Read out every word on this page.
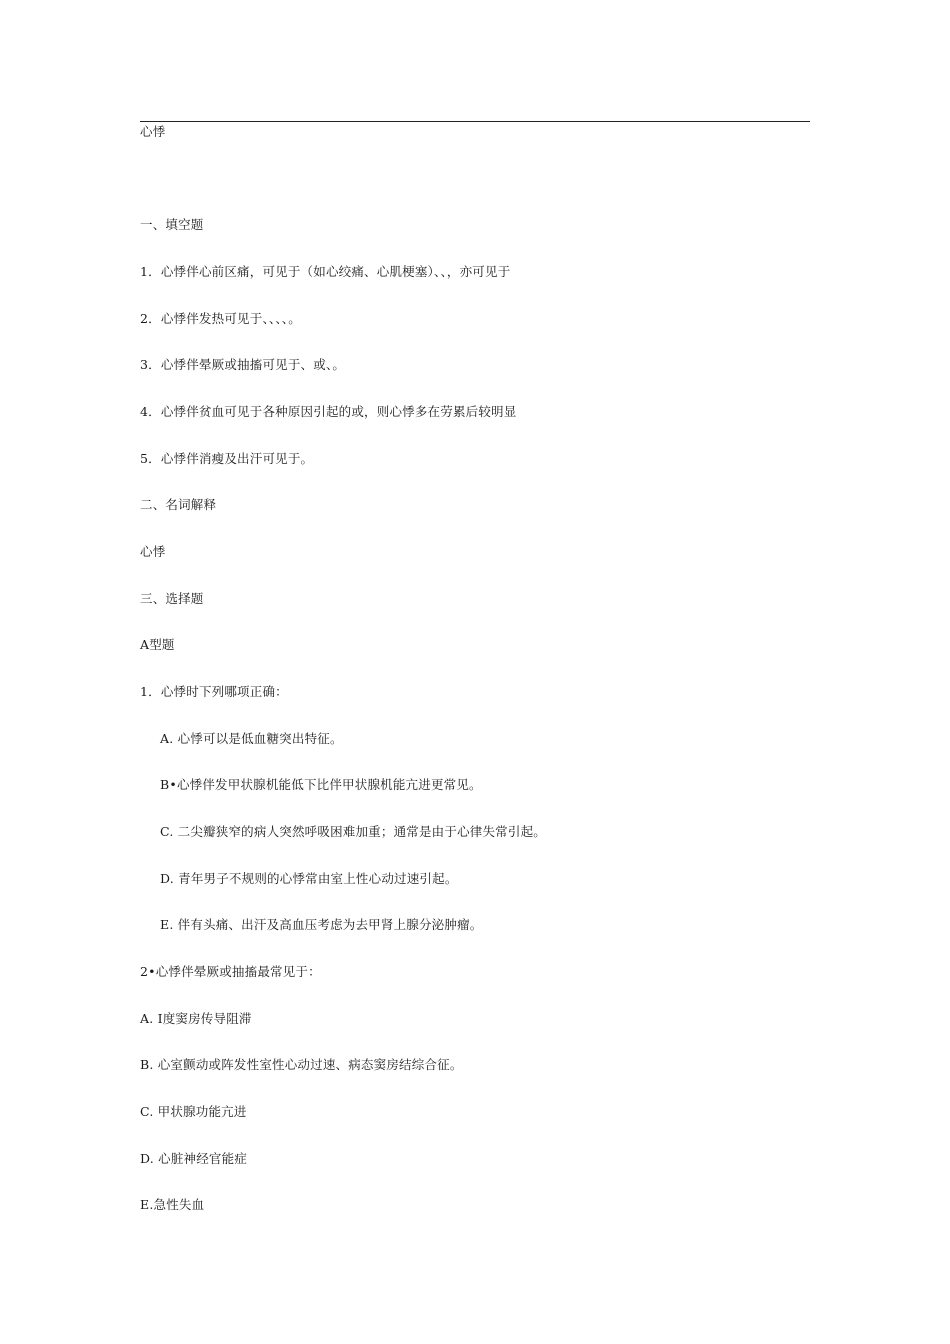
心悸
一、填空题
1．心悸伴心前区痛，可见于（如心绞痛、心肌梗塞）、、，亦可见于
2．心悸伴发热可见于、、、、。
3．心悸伴晕厥或抽搐可见于、或、。
4．心悸伴贫血可见于各种原因引起的或，则心悸多在劳累后较明显
5．心悸伴消瘦及出汗可见于。
二、名词解释
心悸
三、选择题
A型题
1．心悸时下列哪项正确：
A. 心悸可以是低血糖突出特征。
B•心悸伴发甲状腺机能低下比伴甲状腺机能亢进更常见。
C. 二尖瓣狭窄的病人突然呼吸困难加重；通常是由于心律失常引起。
D. 青年男子不规则的心悸常由室上性心动过速引起。
E. 伴有头痛、出汗及高血压考虑为去甲肾上腺分泌肿瘤。
2•心悸伴晕厥或抽搐最常见于：
A. I度窦房传导阻滞
B. 心室颤动或阵发性室性心动过速、病态窦房结综合征。
C. 甲状腺功能亢进
D. 心脏神经官能症
E.急性失血
